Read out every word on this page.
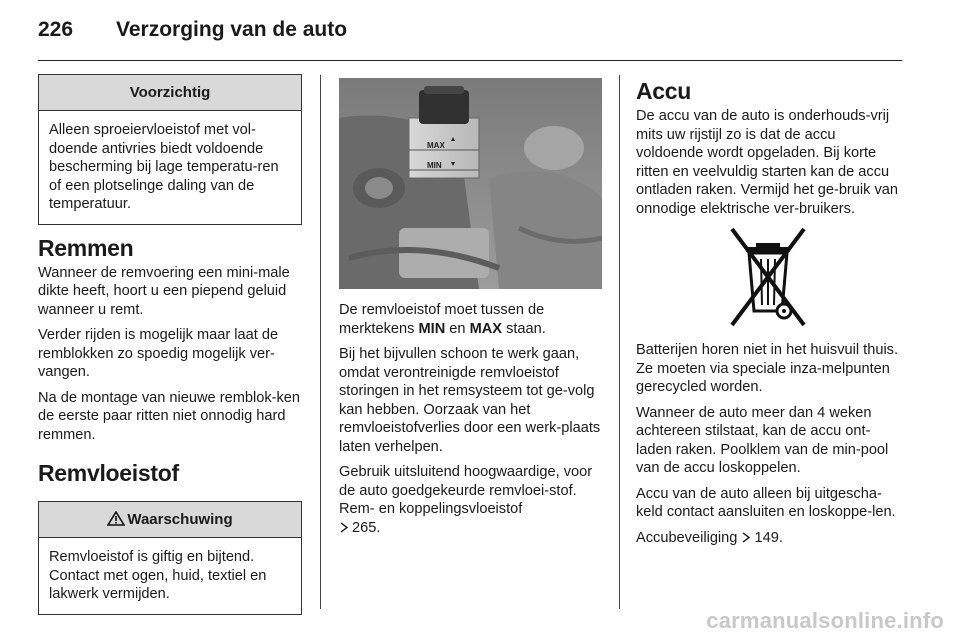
226	Verzorging van de auto
Voorzichtig
Alleen sproeiervloeistof met vol-doende antivries biedt voldoende bescherming bij lage temperatu-ren of een plotselinge daling van de temperatuur.
Remmen

Wanneer de remvoering een mini-male dikte heeft, hoort u een piepend geluid wanneer u remt.

Verder rijden is mogelijk maar laat de remblokken zo spoedig mogelijk ver-vangen.

Na de montage van nieuwe remblok-ken de eerste paar ritten niet onnodig hard remmen.

Remvloeistof
Waarschuwing
Remvloeistof is giftig en bijtend. Contact met ogen, huid, textiel en lakwerk vermijden.
MAX
MIN

De remvloeistof moet tussen de merktekens MIN en MAX staan.

Bij het bijvullen schoon te werk gaan, omdat verontreinigde remvloeistof storingen in het remsysteem tot ge-volg kan hebben. Oorzaak van het remvloeistofverlies door een werk-plaats laten verhelpen.

Gebruik uitsluitend hoogwaardige, voor de auto goedgekeurde remvloei-stof. Rem- en koppelingsvloeistof
265.

Accu

De accu van de auto is onderhouds-vrij mits uw rijstijl zo is dat de accu voldoende wordt opgeladen. Bij korte ritten en veelvuldig starten kan de accu ontladen raken. Vermijd het ge-bruik van onnodige elektrische ver-bruikers.

Batterijen horen niet in het huisvuil thuis. Ze moeten via speciale inza-melpunten gerecycled worden.

Wanneer de auto meer dan 4 weken achtereen stilstaat, kan de accu ont-laden raken. Poolklem van de min-pool van de accu loskoppelen.

Accu van de auto alleen bij uitgescha-keld contact aansluiten en loskoppe-len.

Accubeveiliging 149.

carmanualsonline.info
